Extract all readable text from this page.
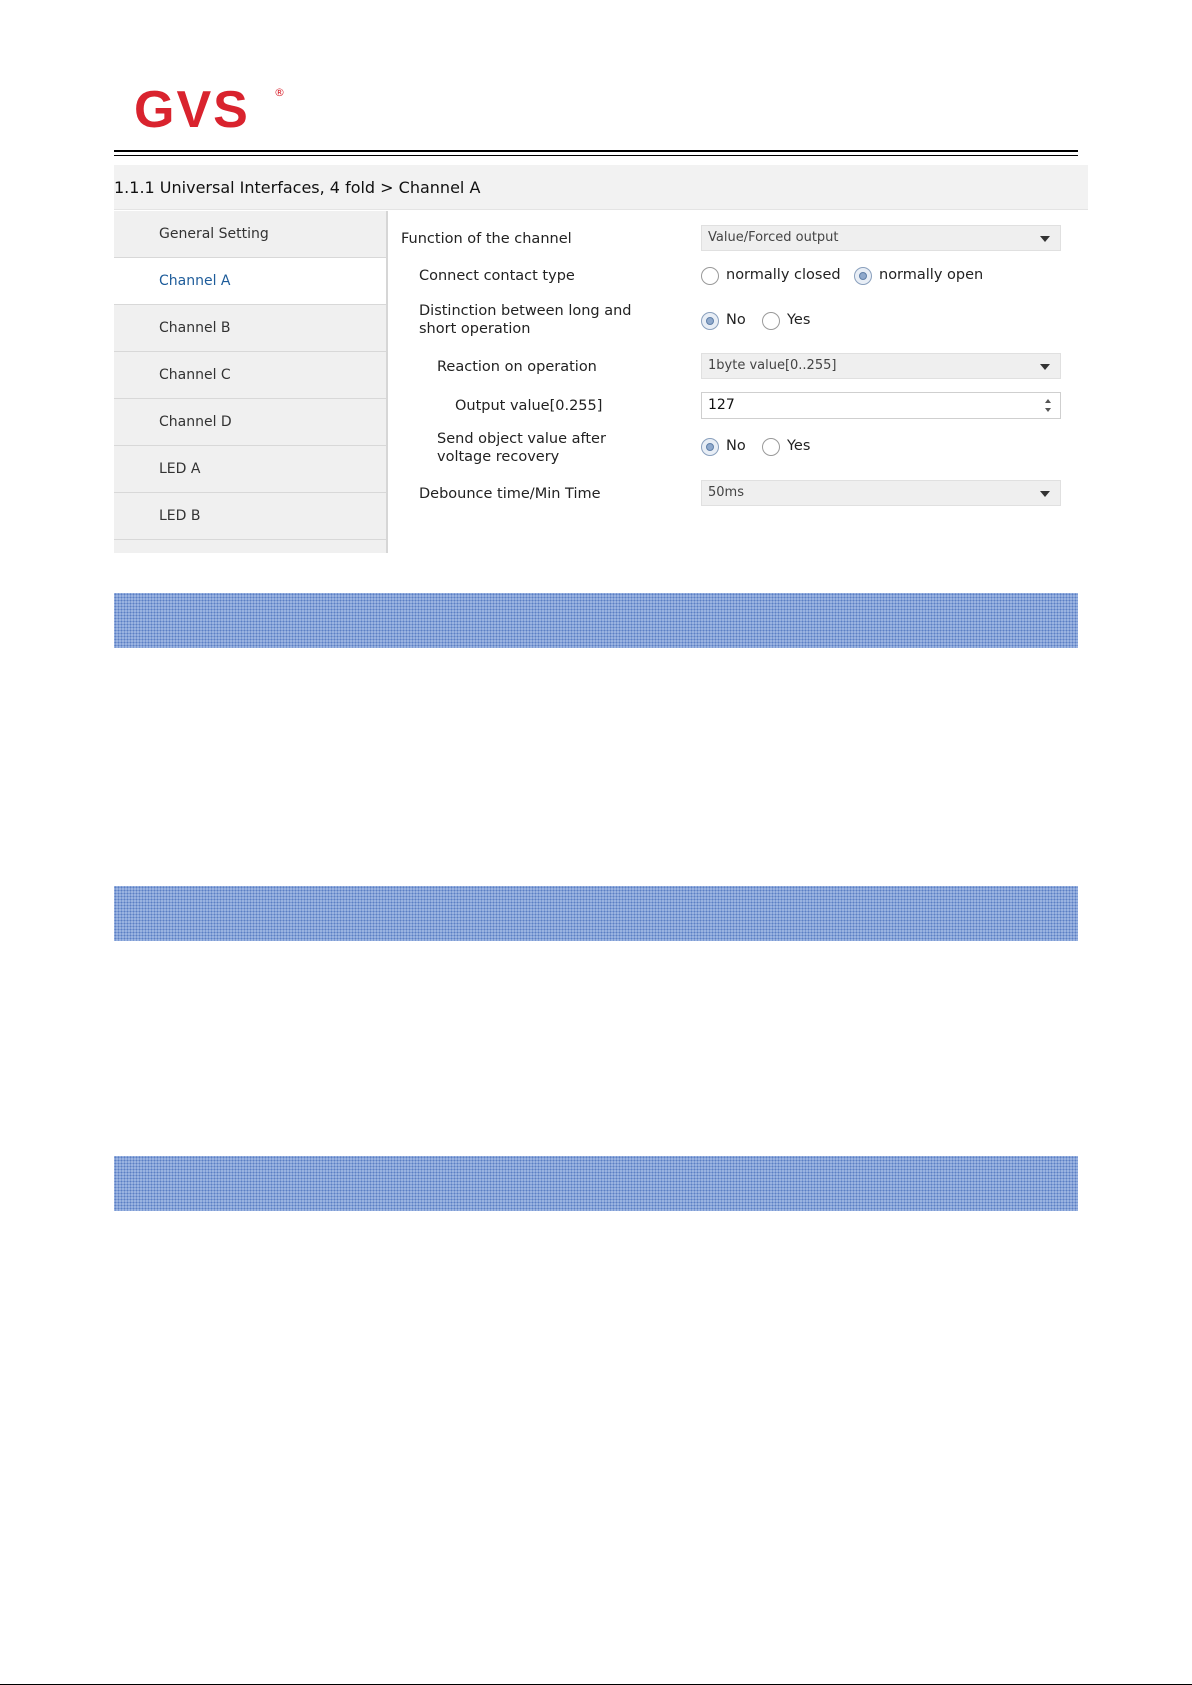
GVS ®
1.1.1 Universal Interfaces, 4 fold > Channel A
General Setting
Channel A
Channel B
Channel C
Channel D
LED A
LED B
Function of the channel	Value/Forced output
Connect contact type	normally closed	normally open
Distinction between long and
short operation
No	Yes
Reaction on operation	1byte value[0..255]
Output value[0.255]	127
Send object value after
voltage recovery
No	Yes
Debounce time/Min Time	50ms
